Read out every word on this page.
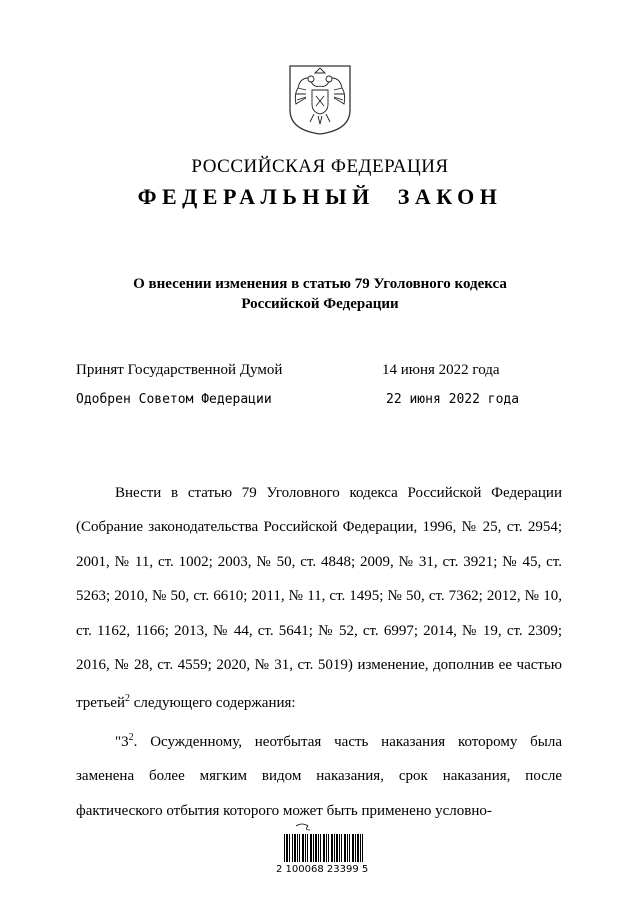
РОССИЙСКАЯ ФЕДЕРАЦИЯ
ФЕДЕРАЛЬНЫЙ ЗАКОН
О внесении изменения в статью 79 Уголовного кодекса
Российской Федерации
Принят Государственной Думой	14 июня 2022 года
Одобрен Советом Федерации	22 июня 2022 года

Внести в статью 79 Уголовного кодекса Российской Федерации (Собрание законодательства Российской Федерации, 1996, № 25, ст. 2954; 2001, № 11, ст. 1002; 2003, № 50, ст. 4848; 2009, № 31, ст. 3921; № 45, ст. 5263; 2010, № 50, ст. 6610; 2011, № 11, ст. 1495; № 50, ст. 7362; 2012, № 10, ст. 1162, 1166; 2013, № 44, ст. 5641; № 52, ст. 6997; 2014, № 19, ст. 2309; 2016, № 28, ст. 4559; 2020, № 31, ст. 5019) изменение, дополнив ее частью третьей$^2$ следующего содержания:

"$3^2$. Осужденному, неотбытая часть наказания которому была заменена более мягким видом наказания, срок наказания, после фактического отбытия которого может быть применено условно-

2 100068 23399 5
